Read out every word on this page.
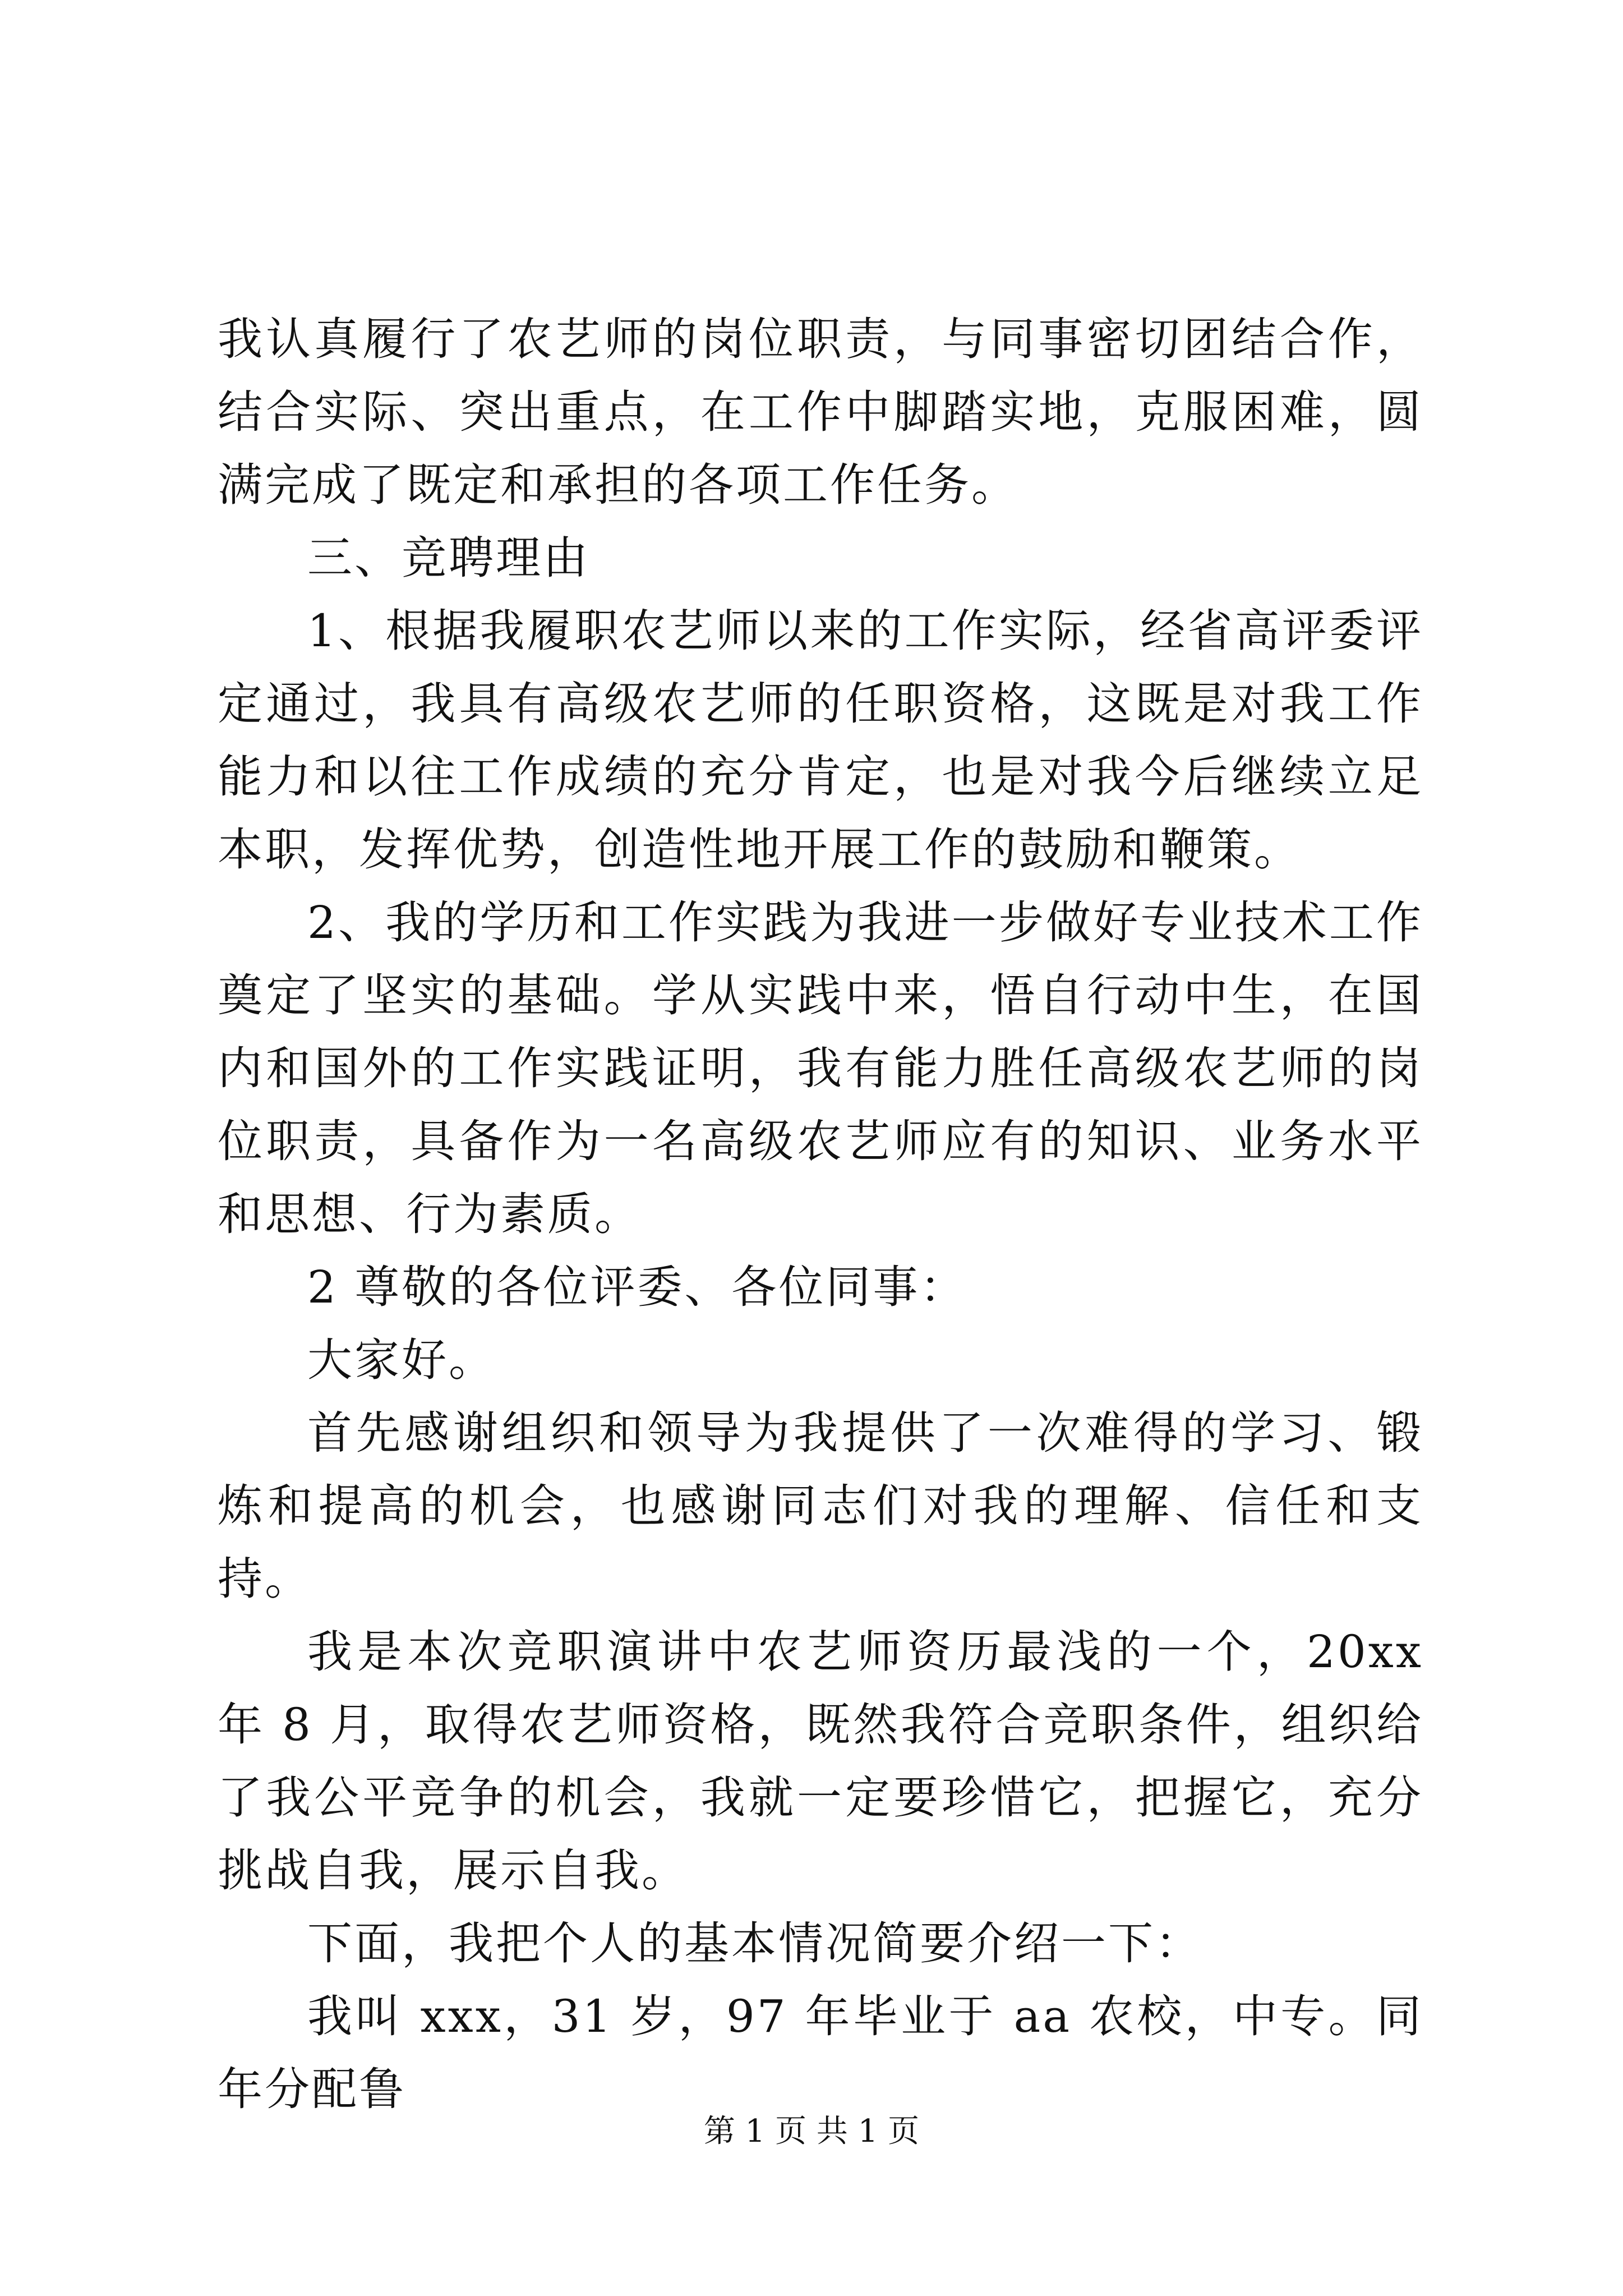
我认真履行了农艺师的岗位职责，与同事密切团结合作，结合实际、突出重点，在工作中脚踏实地，克服困难，圆满完成了既定和承担的各项工作任务。

三、竞聘理由

1、根据我履职农艺师以来的工作实际，经省高评委评定通过，我具有高级农艺师的任职资格，这既是对我工作能力和以往工作成绩的充分肯定，也是对我今后继续立足本职，发挥优势，创造性地开展工作的鼓励和鞭策。

2、我的学历和工作实践为我进一步做好专业技术工作奠定了坚实的基础。学从实践中来，悟自行动中生，在国内和国外的工作实践证明，我有能力胜任高级农艺师的岗位职责，具备作为一名高级农艺师应有的知识、业务水平和思想、行为素质。

2 尊敬的各位评委、各位同事：

大家好。

首先感谢组织和领导为我提供了一次难得的学习、锻炼和提高的机会，也感谢同志们对我的理解、信任和支持。

我是本次竞职演讲中农艺师资历最浅的一个，20xx 年 8 月，取得农艺师资格，既然我符合竞职条件，组织给了我公平竞争的机会，我就一定要珍惜它，把握它，充分挑战自我，展示自我。

下面，我把个人的基本情况简要介绍一下：

我叫 xxx，31 岁，97 年毕业于 aa 农校，中专。同年分配鲁

第 1 页 共 1 页
